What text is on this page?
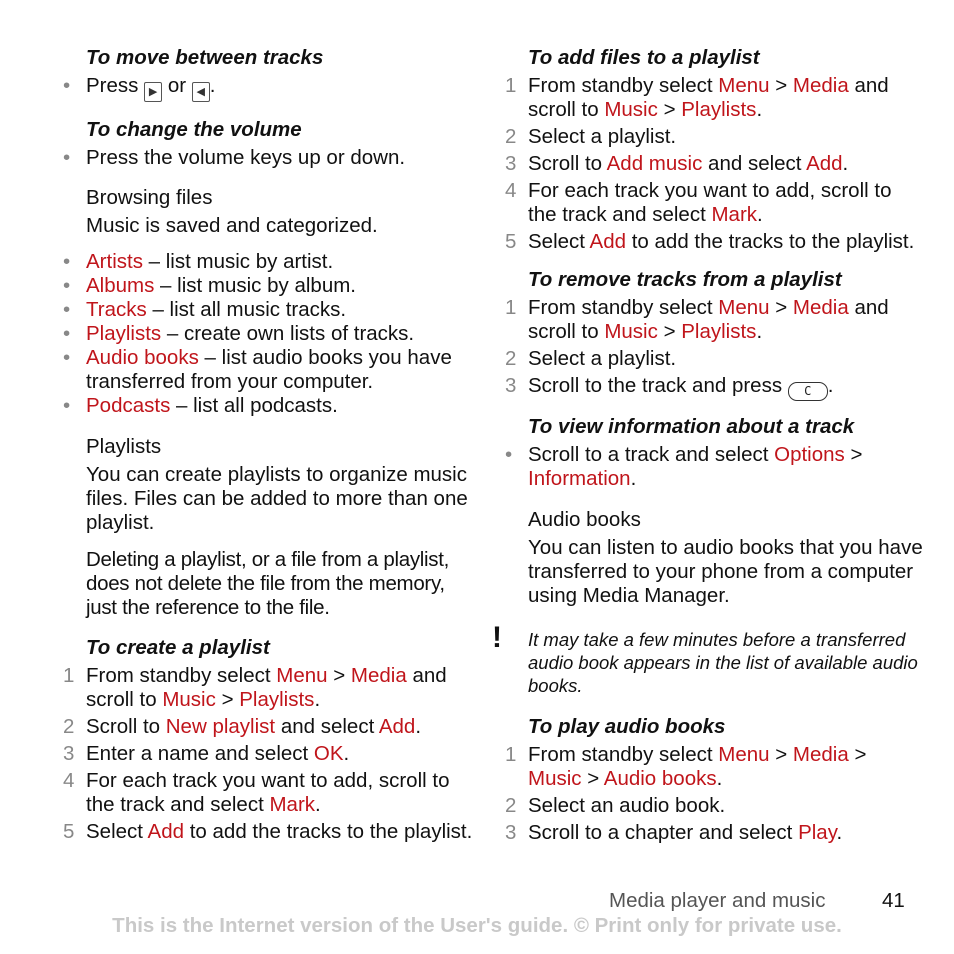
To move between tracks
• Press ▶ or ◀ .
To change the volume
• Press the volume keys up or down.
Browsing files
Music is saved and categorized.
• Artists – list music by artist.
• Albums – list music by album.
• Tracks – list all music tracks.
• Playlists – create own lists of tracks.
• Audio books – list audio books you have transferred from your computer.
• Podcasts – list all podcasts.
Playlists
You can create playlists to organize music files. Files can be added to more than one playlist.
Deleting a playlist, or a file from a playlist, does not delete the file from the memory, just the reference to the file.
To create a playlist
1 From standby select Menu > Media and scroll to Music > Playlists.
2 Scroll to New playlist and select Add.
3 Enter a name and select OK.
4 For each track you want to add, scroll to the track and select Mark.
5 Select Add to add the tracks to the playlist.
To add files to a playlist
1 From standby select Menu > Media and scroll to Music > Playlists.
2 Select a playlist.
3 Scroll to Add music and select Add.
4 For each track you want to add, scroll to the track and select Mark.
5 Select Add to add the tracks to the playlist.
To remove tracks from a playlist
1 From standby select Menu > Media and scroll to Music > Playlists.
2 Select a playlist.
3 Scroll to the track and press C .
To view information about a track
• Scroll to a track and select Options > Information.
Audio books
You can listen to audio books that you have transferred to your phone from a computer using Media Manager.
! It may take a few minutes before a transferred audio book appears in the list of available audio books.
To play audio books
1 From standby select Menu > Media > Music > Audio books.
2 Select an audio book.
3 Scroll to a chapter and select Play.
Media player and music	41
This is the Internet version of the User's guide. © Print only for private use.
